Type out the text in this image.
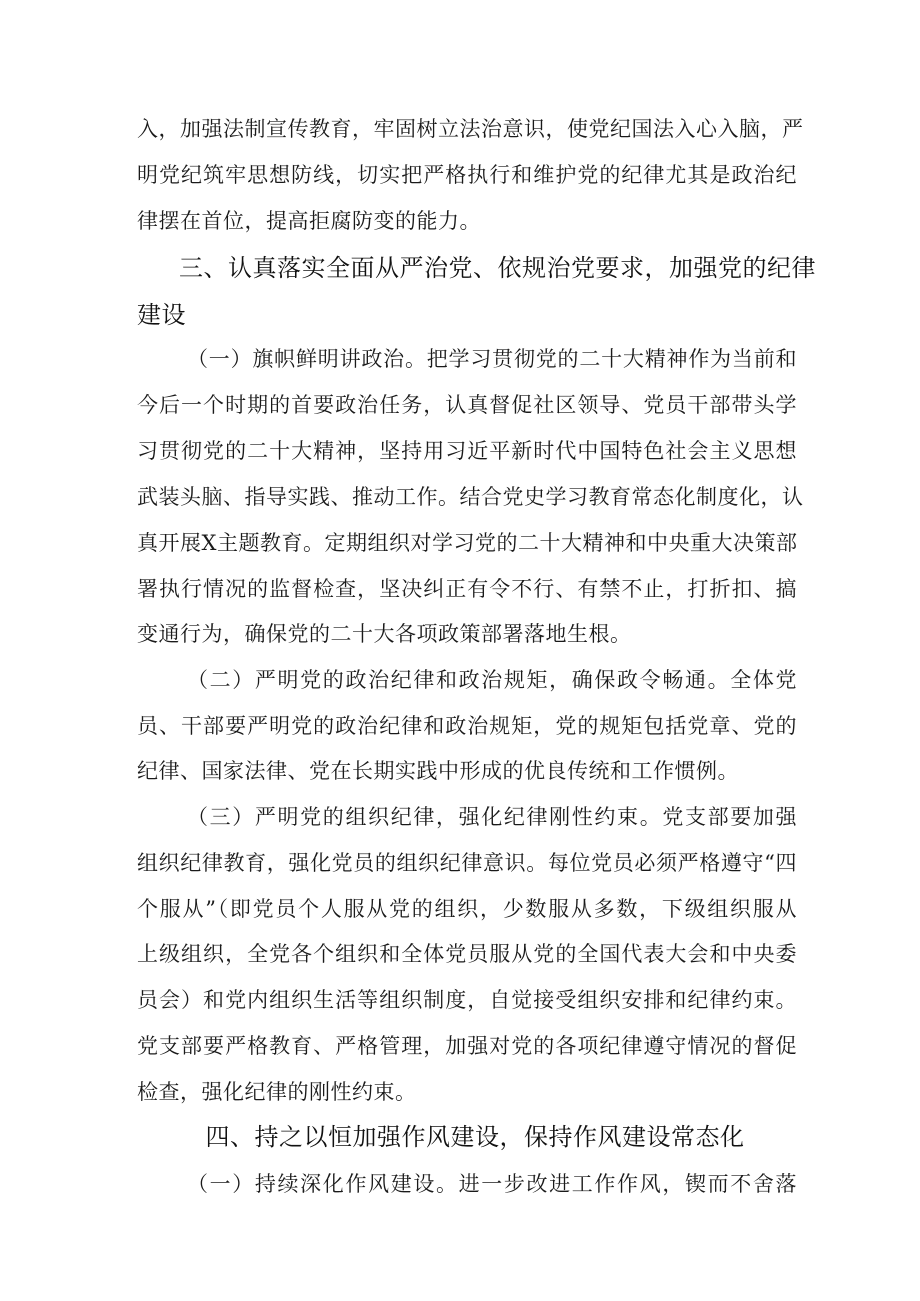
入，加强法制宣传教育，牢固树立法治意识，使党纪国法入心入脑，严
明党纪筑牢思想防线，切实把严格执行和维护党的纪律尤其是政治纪
律摆在首位，提高拒腐防变的能力。
三、认真落实全面从严治党、依规治党要求，加强党的纪律
建设
（一）旗帜鲜明讲政治。把学习贯彻党的二十大精神作为当前和
今后一个时期的首要政治任务，认真督促社区领导、党员干部带头学
习贯彻党的二十大精神，坚持用习近平新时代中国特色社会主义思想
武装头脑、指导实践、推动工作。结合党史学习教育常态化制度化，认
真开展X主题教育。定期组织对学习党的二十大精神和中央重大决策部
署执行情况的监督检查，坚决纠正有令不行、有禁不止，打折扣、搞
变通行为，确保党的二十大各项政策部署落地生根。
（二）严明党的政治纪律和政治规矩，确保政令畅通。全体党
员、干部要严明党的政治纪律和政治规矩，党的规矩包括党章、党的
纪律、国家法律、党在长期实践中形成的优良传统和工作惯例。
（三）严明党的组织纪律，强化纪律刚性约束。党支部要加强
组织纪律教育，强化党员的组织纪律意识。每位党员必须严格遵守“四
个服从”（即党员个人服从党的组织，少数服从多数，下级组织服从
上级组织，全党各个组织和全体党员服从党的全国代表大会和中央委
员会）和党内组织生活等组织制度，自觉接受组织安排和纪律约束。
党支部要严格教育、严格管理，加强对党的各项纪律遵守情况的督促
检查，强化纪律的刚性约束。
四、持之以恒加强作风建设，保持作风建设常态化
（一）持续深化作风建设。进一步改进工作作风，锲而不舍落
